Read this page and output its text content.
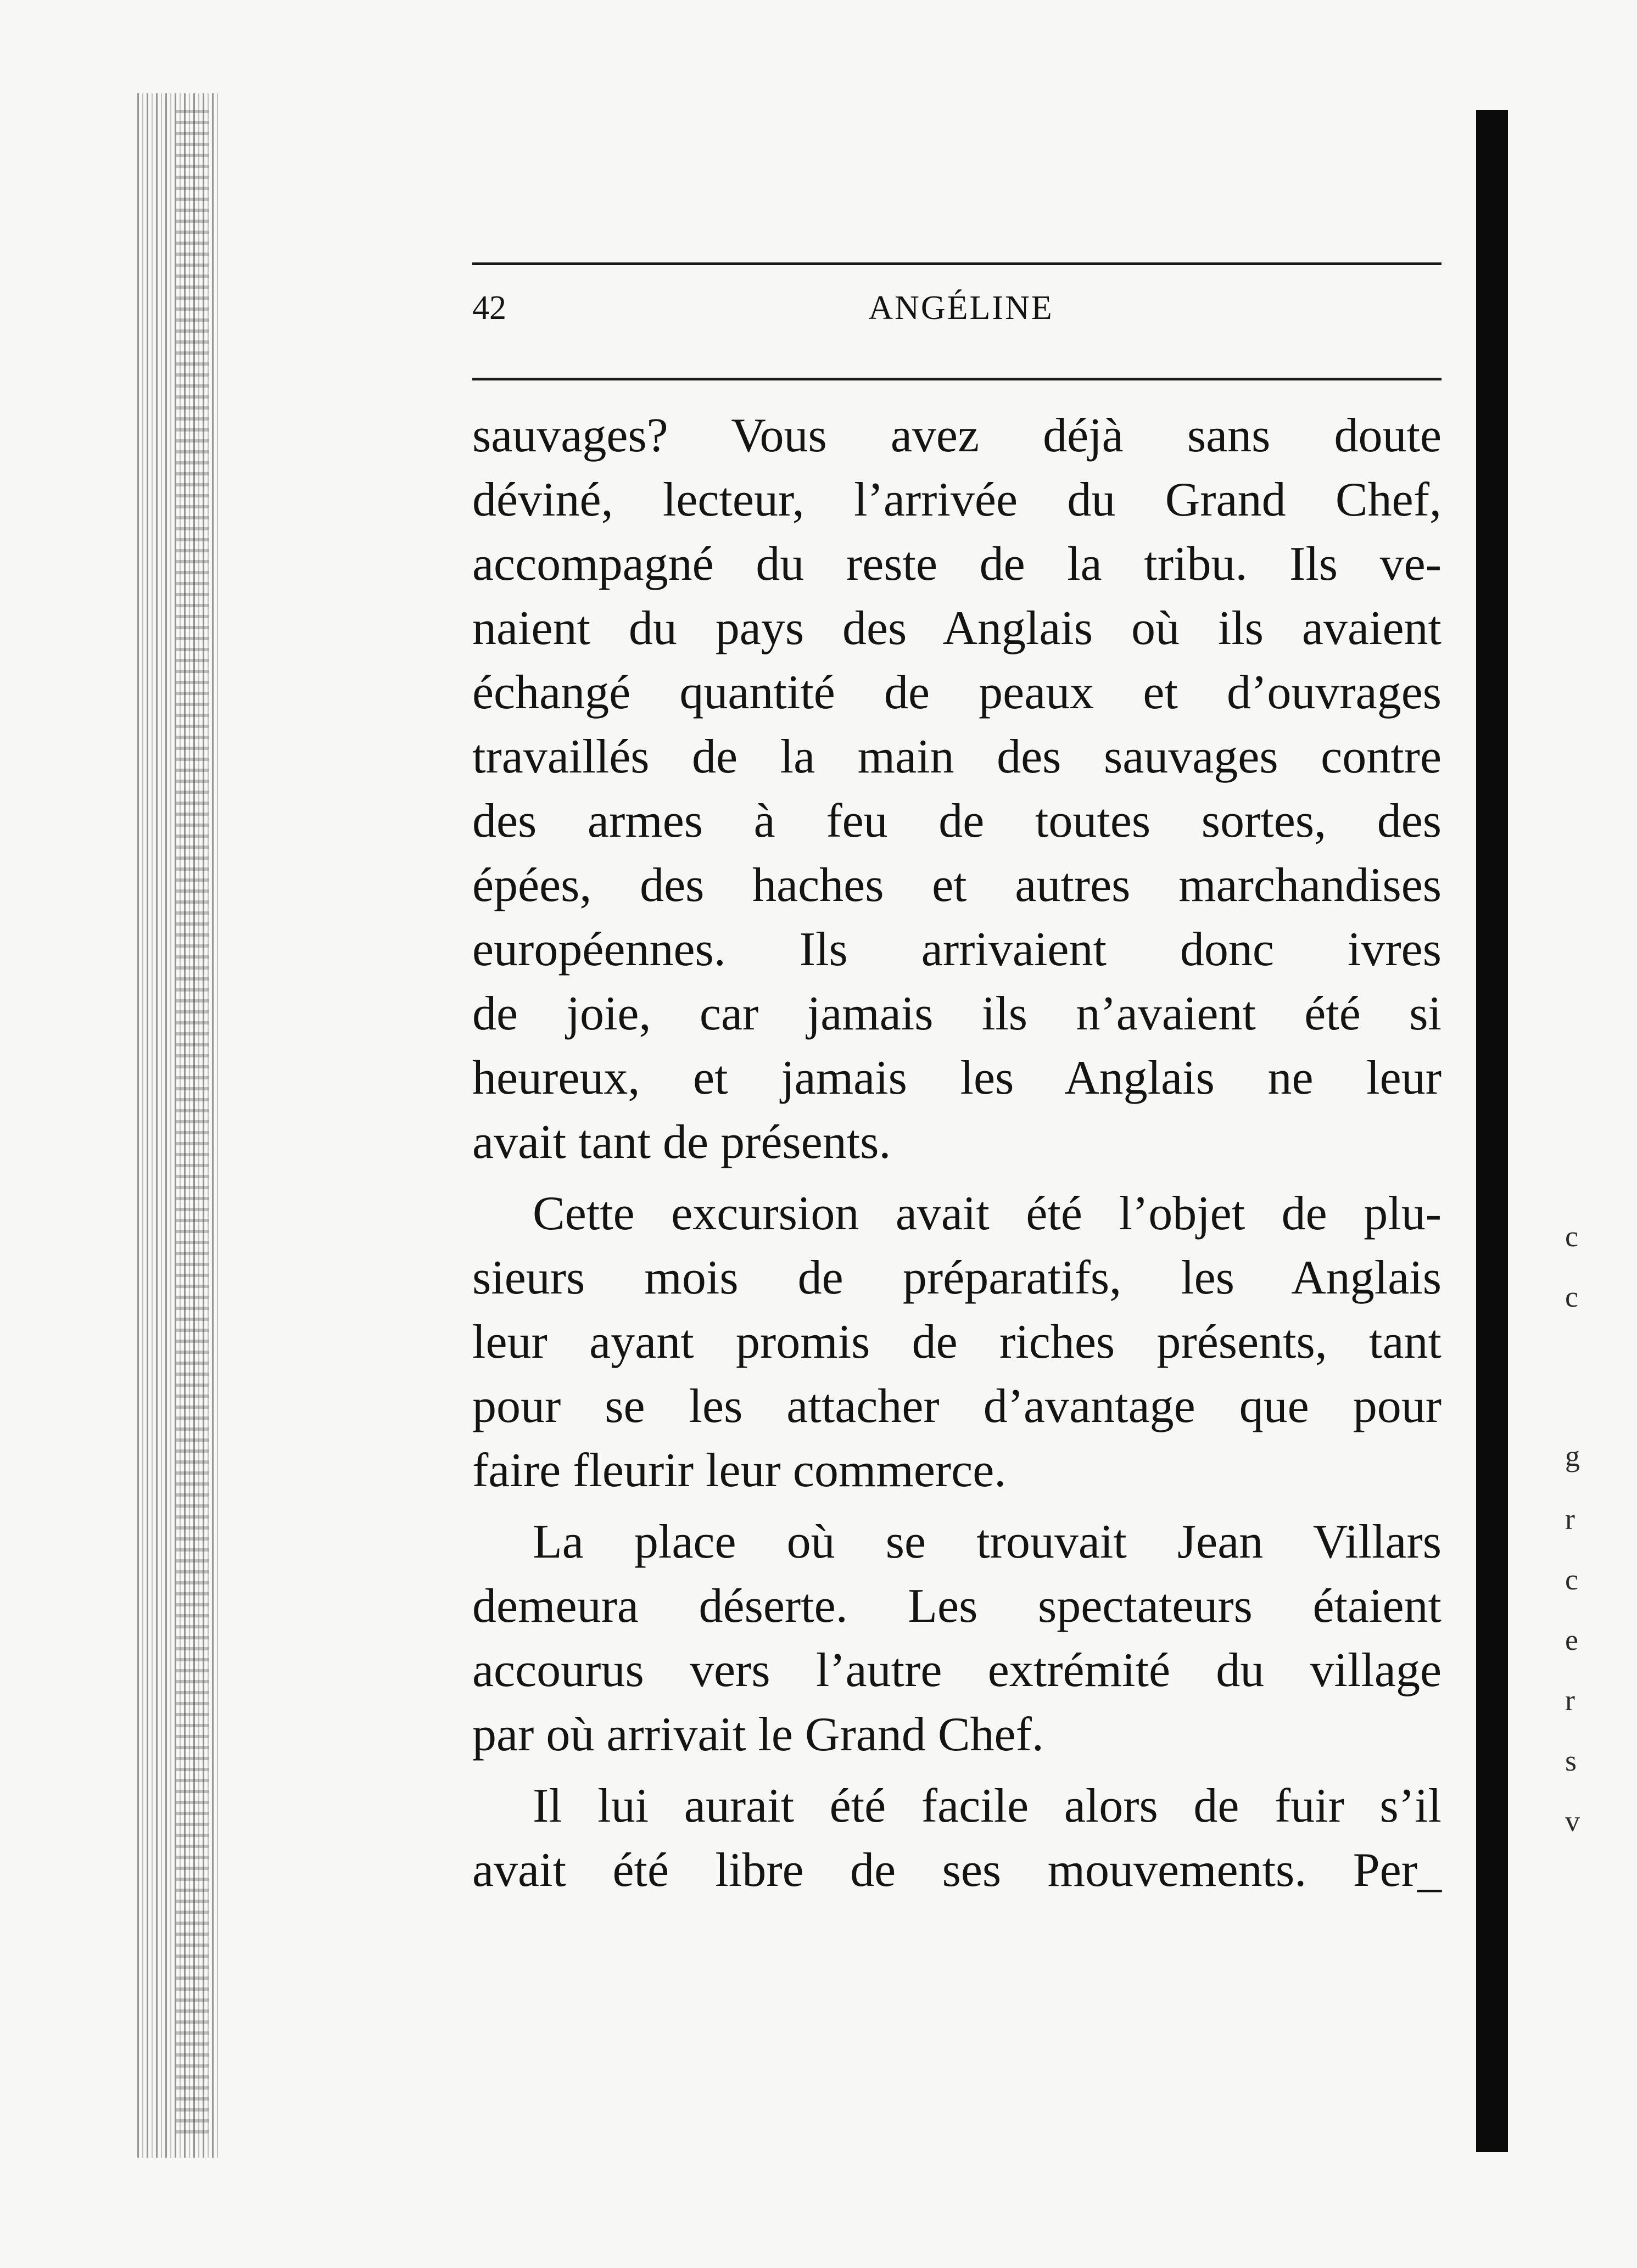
42	ANGÉLINE
sauvages? Vous avez déjà sans doute
déviné, lecteur, l’arrivée du Grand Chef,
accompagné du reste de la tribu. Ils ve-
naient du pays des Anglais où ils avaient
échangé quantité de peaux et d’ouvrages
travaillés de la main des sauvages contre
des armes à feu de toutes sortes, des
épées, des haches et autres marchandises
européennes. Ils arrivaient donc ivres
de joie, car jamais ils n’avaient été si
heureux, et jamais les Anglais ne leur
avait tant de présents.
Cette excursion avait été l’objet de plu-
sieurs mois de préparatifs, les Anglais
leur ayant promis de riches présents, tant
pour se les attacher d’avantage que pour
faire fleurir leur commerce.
La place où se trouvait Jean Villars
demeura déserte. Les spectateurs étaient
accourus vers l’autre extrémité du village
par où arrivait le Grand Chef.
Il lui aurait été facile alors de fuir s’il
avait été libre de ses mouvements. Per_
c
c
g
r
c
e
r
s
v
